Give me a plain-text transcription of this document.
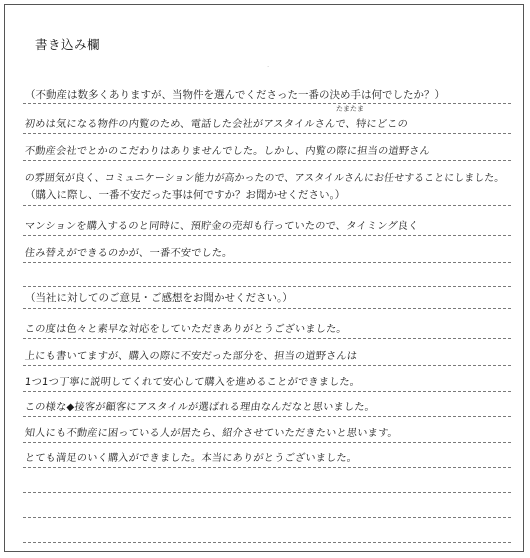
書き込み欄
·
（不動産は数多くありますが、当物件を選んでくださった一番の決め手は何でしたか？）
たまたま
初めは気になる物件の内覧のため、電話した会社がアスタイルさんで、特にどこの
不動産会社でとかのこだわりはありませんでした。しかし、内覧の際に担当の道野さん
の雰囲気が良く、コミュニケーション能力が高かったので、アスタイルさんにお任せすることにしました。
（購入に際し、一番不安だった事は何ですか？お聞かせください。）
マンションを購入するのと同時に、預貯金の売却も行っていたので、タイミング良く
住み替えができるのかが、一番不安でした。
（当社に対してのご意見・ご感想をお聞かせください。）
この度は色々と素早な対応をしていただきありがとうございました。
上にも書いてますが、購入の際に不安だった部分を、担当の道野さんは
1つ1つ丁寧に説明してくれて安心して購入を進めることができました。
この様な◆接客が顧客にアスタイルが選ばれる理由なんだなと思いました。
知人にも不動産に困っている人が居たら、紹介させていただきたいと思います。
とても満足のいく購入ができました。本当にありがとうございました。
